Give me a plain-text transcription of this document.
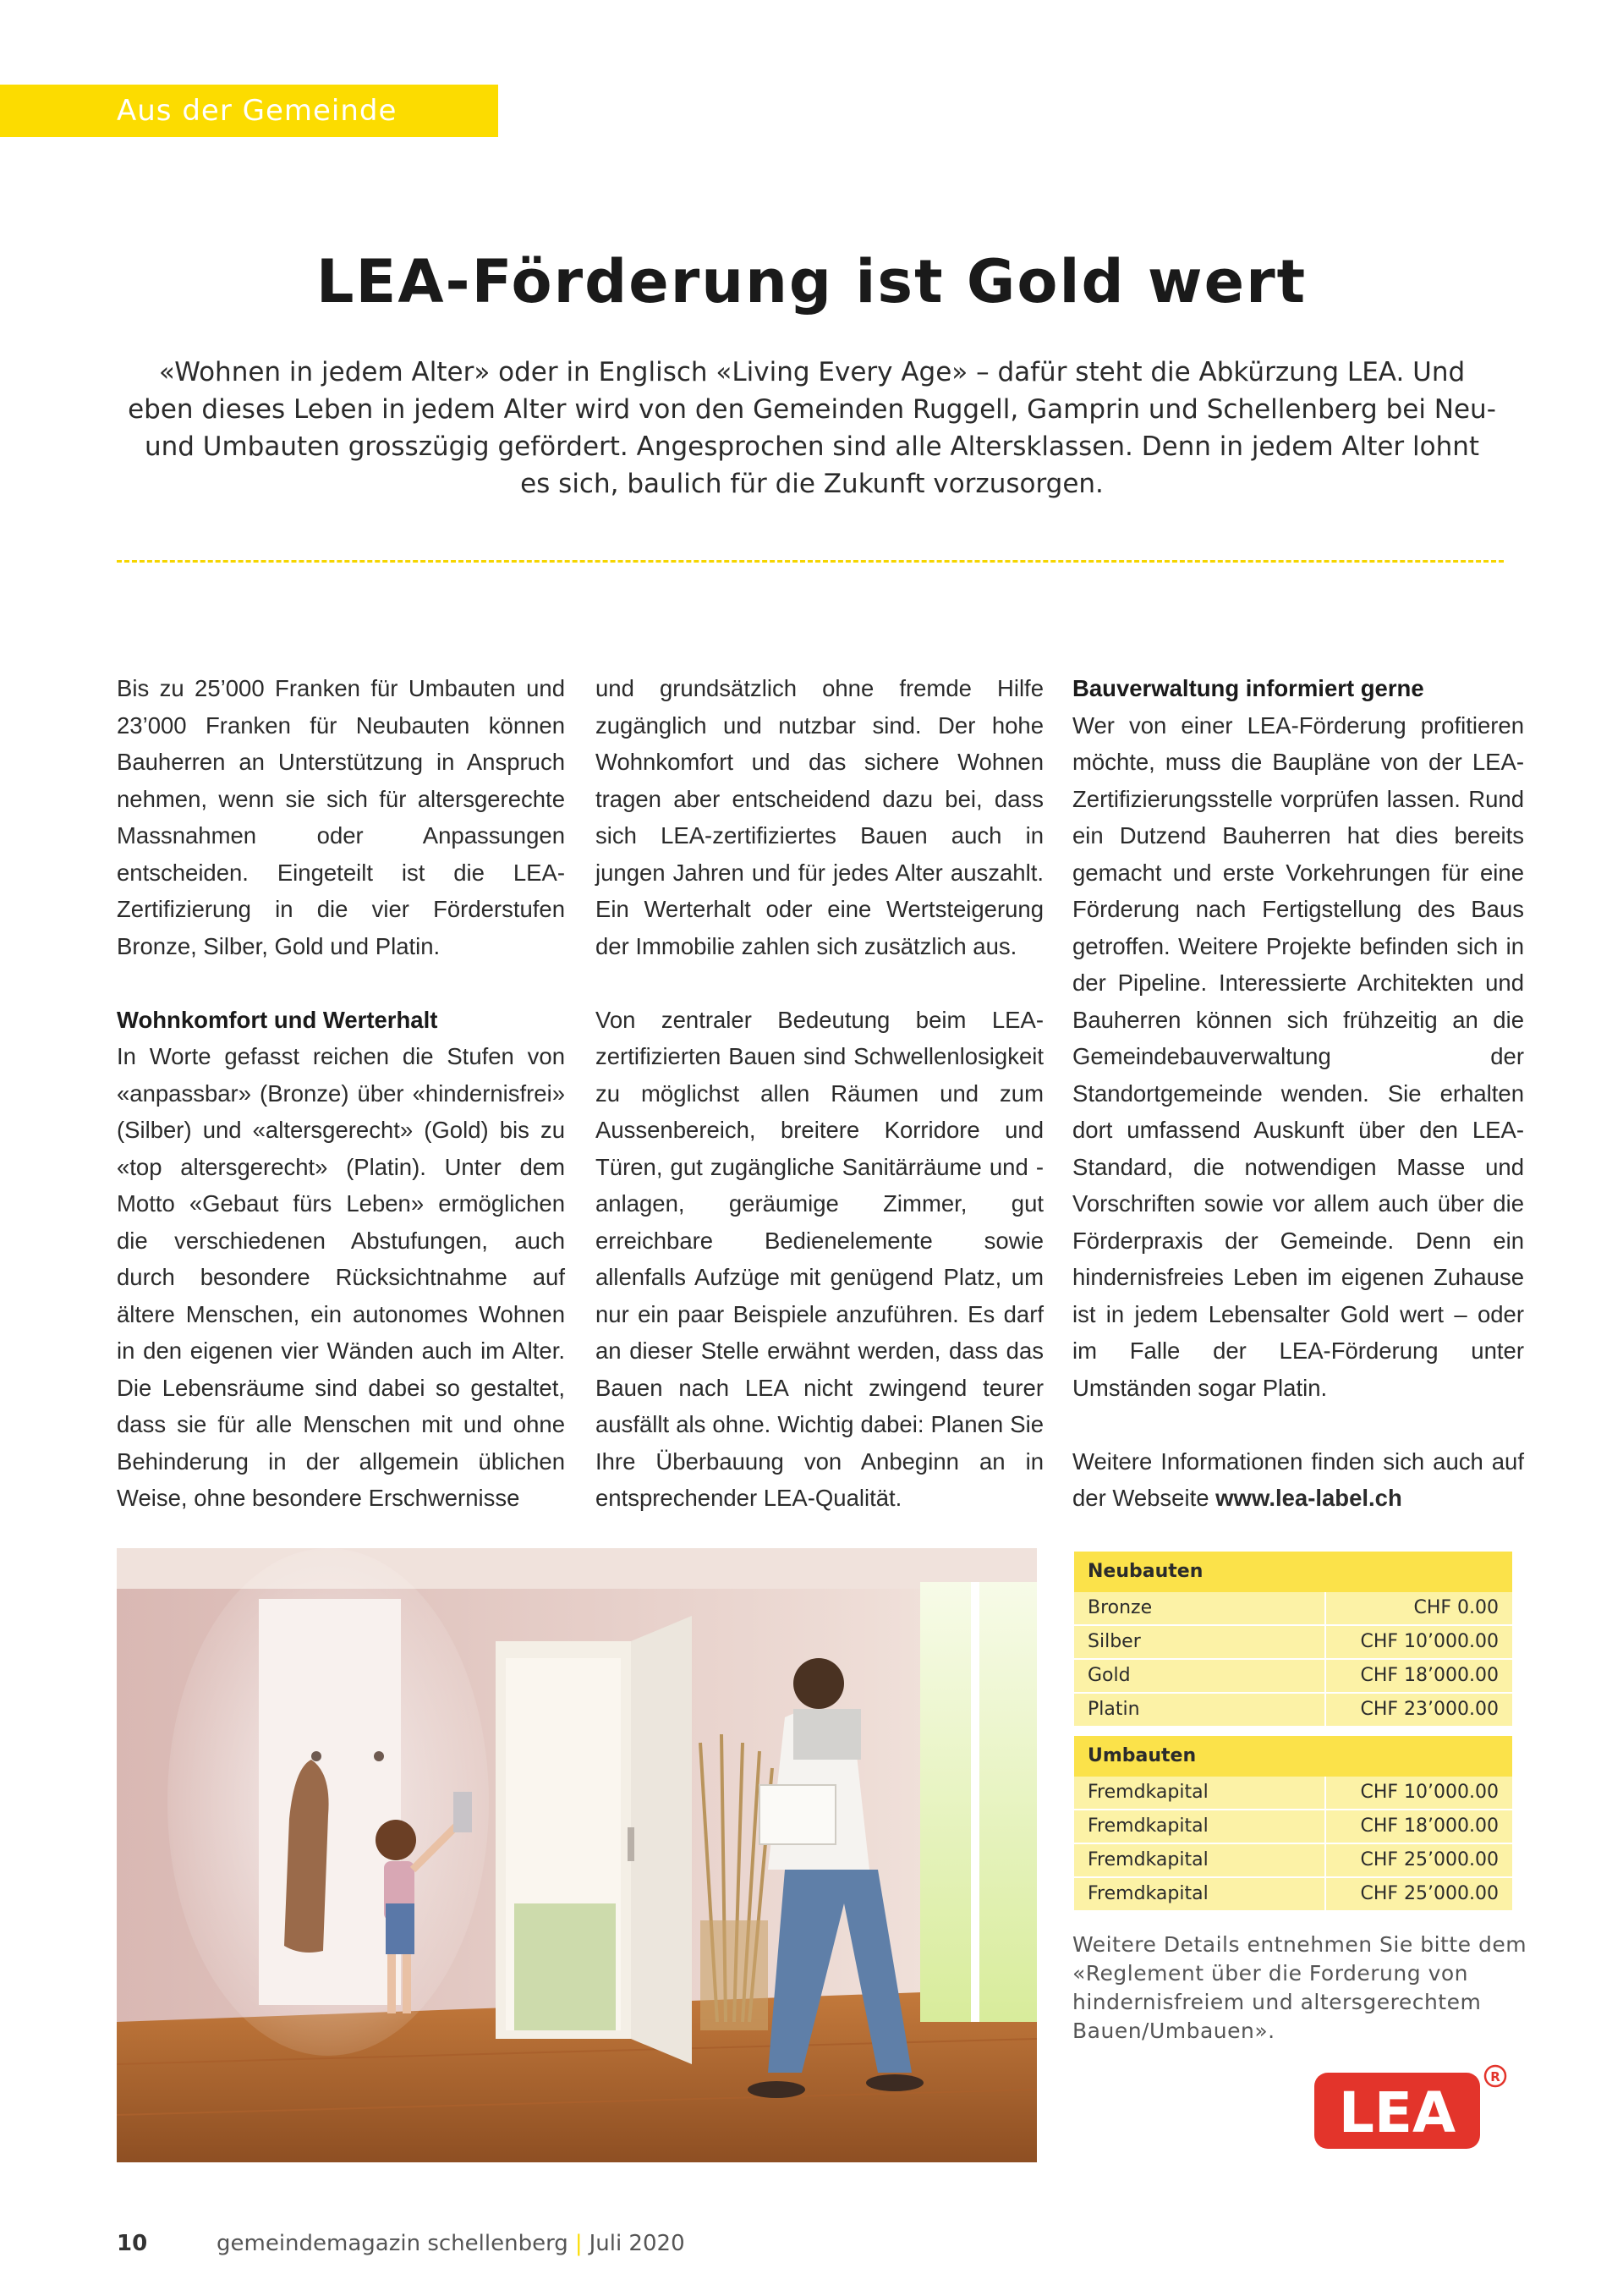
Aus der Gemeinde
LEA-Förderung ist Gold wert

«Wohnen in jedem Alter» oder in Englisch «Living Every Age» – dafür steht die Abkürzung LEA. Und eben dieses Leben in jedem Alter wird von den Gemeinden Ruggell, Gamprin und Schellenberg bei Neu- und Umbauten grosszügig gefördert. Angesprochen sind alle Altersklassen. Denn in jedem Alter lohnt es sich, baulich für die Zukunft vorzusorgen.

Bis zu 25’000 Franken für Umbauten und 23’000 Franken für Neubauten können Bauherren an Unterstützung in Anspruch nehmen, wenn sie sich für altersgerechte Massnahmen oder Anpassungen entscheiden. Eingeteilt ist die LEA-Zertifizierung in die vier Förderstufen Bronze, Silber, Gold und Platin.

Wohnkomfort und Werterhalt

In Worte gefasst reichen die Stufen von «anpassbar» (Bronze) über «hindernisfrei» (Silber) und «altersgerecht» (Gold) bis zu «top altersgerecht» (Platin). Unter dem Motto «Gebaut fürs Leben» ermöglichen die verschiedenen Abstufungen, auch durch besondere Rücksichtnahme auf ältere Menschen, ein autonomes Wohnen in den eigenen vier Wänden auch im Alter. Die Lebensräume sind dabei so gestaltet, dass sie für alle Menschen mit und ohne Behinderung in der allgemein üblichen Weise, ohne besondere Erschwernisse

und grundsätzlich ohne fremde Hilfe zugänglich und nutzbar sind. Der hohe Wohnkomfort und das sichere Wohnen tragen aber entscheidend dazu bei, dass sich LEA-zertifiziertes Bauen auch in jungen Jahren und für jedes Alter auszahlt. Ein Werterhalt oder eine Wertsteigerung der Immobilie zahlen sich zusätzlich aus.

Von zentraler Bedeutung beim LEA-zertifizierten Bauen sind Schwellenlosigkeit zu möglichst allen Räumen und zum Aussenbereich, breitere Korridore und Türen, gut zugängliche Sanitärräume und -anlagen, geräumige Zimmer, gut erreichbare Bedienelemente sowie allenfalls Aufzüge mit genügend Platz, um nur ein paar Beispiele anzuführen. Es darf an dieser Stelle erwähnt werden, dass das Bauen nach LEA nicht zwingend teurer ausfällt als ohne. Wichtig dabei: Planen Sie Ihre Überbauung von Anbeginn an in entsprechender LEA-Qualität.

Bauverwaltung informiert gerne

Wer von einer LEA-Förderung profitieren möchte, muss die Baupläne von der LEA-Zertifizierungsstelle vorprüfen lassen. Rund ein Dutzend Bauherren hat dies bereits gemacht und erste Vorkehrungen für eine Förderung nach Fertigstellung des Baus getroffen. Weitere Projekte befinden sich in der Pipeline. Interessierte Architekten und Bauherren können sich frühzeitig an die Gemeindebauverwaltung der Standortgemeinde wenden. Sie erhalten dort umfassend Auskunft über den LEA-Standard, die notwendigen Masse und Vorschriften sowie vor allem auch über die Förderpraxis der Gemeinde. Denn ein hindernisfreies Leben im eigenen Zuhause ist in jedem Lebensalter Gold wert – oder im Falle der LEA-Förderung unter Umständen sogar Platin.

Weitere Informationen finden sich auch auf der Webseite www.lea-label.ch

Neubauten
Bronze	CHF 0.00
Silber	CHF 10’000.00
Gold	CHF 18’000.00
Platin	CHF 23’000.00
Umbauten
Fremdkapital	CHF 10’000.00
Fremdkapital	CHF 18’000.00
Fremdkapital	CHF 25’000.00
Fremdkapital	CHF 25’000.00

Weitere Details entnehmen Sie bitte dem «Reglement über die Forderung von hindernisfreiem und altersgerechtem Bauen/Umbauen».

LEA
R
10	gemeindemagazin schellenberg | Juli 2020
